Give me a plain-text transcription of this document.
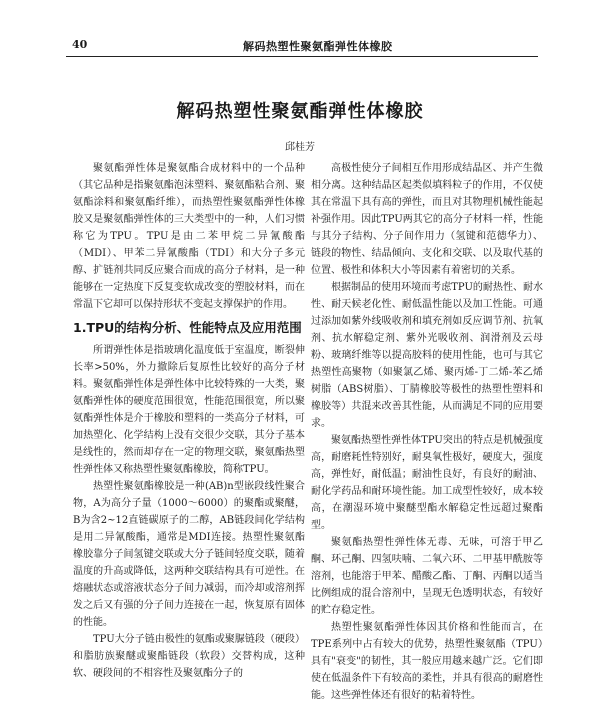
40	解码热塑性聚氨酯弹性体橡胶
解码热塑性聚氨酯弹性体橡胶
邱桂芳

聚氨酯弹性体是聚氨酯合成材料中的一个品种（其它品种是指聚氨酯泡沫塑料、聚氨酯粘合剂、聚氨酯涂料和聚氨酯纤维），而热塑性聚氨酯弹性体橡胶又是聚氨酯弹性体的三大类型中的一种，人们习惯称它为TPU。TPU是由二苯甲烷二异氰酸酯（MDI）、甲苯二异氰酸酯（TDI）和大分子多元醇、扩链剂共同反应聚合而成的高分子材料，是一种能够在一定热度下反复变软成改变的塑胶材料，而在常温下它却可以保持形状不变起支撑保护的作用。

1.TPU的结构分析、性能特点及应用范围

所谓弹性体是指玻璃化温度低于室温度，断裂伸长率>50%，外力撤除后复原性比较好的高分子材料。聚氨酯弹性体是弹性体中比较特殊的一大类，聚氨酯弹性体的硬度范围很宽，性能范围很宽，所以聚氨酯弹性体是介于橡胶和塑料的一类高分子材料，可加热塑化、化学结构上没有交很少交联，其分子基本是线性的，然而却存在一定的物理交联，聚氨酯热塑性弹性体又称热塑性聚氨酯橡胶，简称TPU。

热塑性聚氨酯橡胶是一种(AB)n型嵌段线性聚合物，A为高分子量（1000～6000）的聚酯或聚醚，B为含2~12直链碳原子的二醇，AB链段间化学结构是用二异氰酸酯，通常是MDI连接。热塑性聚氨酯橡胶靠分子间氢键交联或大分子链间轻度交联，随着温度的升高或降低，这两种交联结构具有可逆性。在熔融状态或溶液状态分子间力减弱，而冷却或溶剂挥发之后又有强的分子间力连接在一起，恢复原有固体的性能。

TPU大分子链由极性的氨酯或聚脲链段（硬段）和脂肪族聚醚或聚酯链段（软段）交替构成，这种软、硬段间的不相容性及聚氨酯分子的

高极性使分子间相互作用形成结晶区、并产生微相分离。这种结晶区起类似填料粒子的作用，不仅使其在常温下具有高的弹性，而且对其物理机械性能起补强作用。因此TPU两其它的高分子材料一样，性能与其分子结构、分子间作用力（氢键和范德华力）、链段的物性、结晶倾向、支化和交联、以及取代基的位置、极性和体积大小等因素有着密切的关系。

根据制品的使用环境而考虑TPU的耐热性、耐水性、耐天候老化性、耐低温性能以及加工性能。可通过添加如紫外线吸收剂和填充剂如反应调节剂、抗氧剂、抗水解稳定剂、紫外光吸收剂、润滑剂及云母粉、玻璃纤维等以提高胶料的使用性能，也可与其它热塑性高聚物（如聚氯乙烯、聚丙烯-丁二烯-苯乙烯树脂（ABS树脂）、丁腈橡胶等极性的热塑性塑料和橡胶等）共混来改善其性能，从而满足不同的应用要求。

聚氨酯热塑性弹性体TPU突出的特点是机械强度高，耐磨耗性特别好，耐臭氧性极好，硬度大，强度高，弹性好，耐低温；耐油性良好，有良好的耐油、耐化学药品和耐环境性能。加工成型性较好，成本较高，在潮湿环境中聚醚型酯水解稳定性远超过聚酯型。

聚氨酯热塑性弹性体无毒、无味，可溶于甲乙酮、环己酮、四氢呋喃、二氧六环、二甲基甲酰胺等溶剂，也能溶于甲苯、醋酸乙酯、丁酮、丙酮以适当比例组成的混合溶剂中，呈现无色透明状态，有较好的贮存稳定性。

热塑性聚氨酯弹性体因其价格和性能而言，在TPE系列中占有较大的优势，热塑性聚氨酯（TPU）具有"衰变"的韧性，其一般应用越来越广泛。它们即使在低温条件下有较高的柔性，并具有很高的耐磨性能。这些弹性体还有很好的粘着特性。
